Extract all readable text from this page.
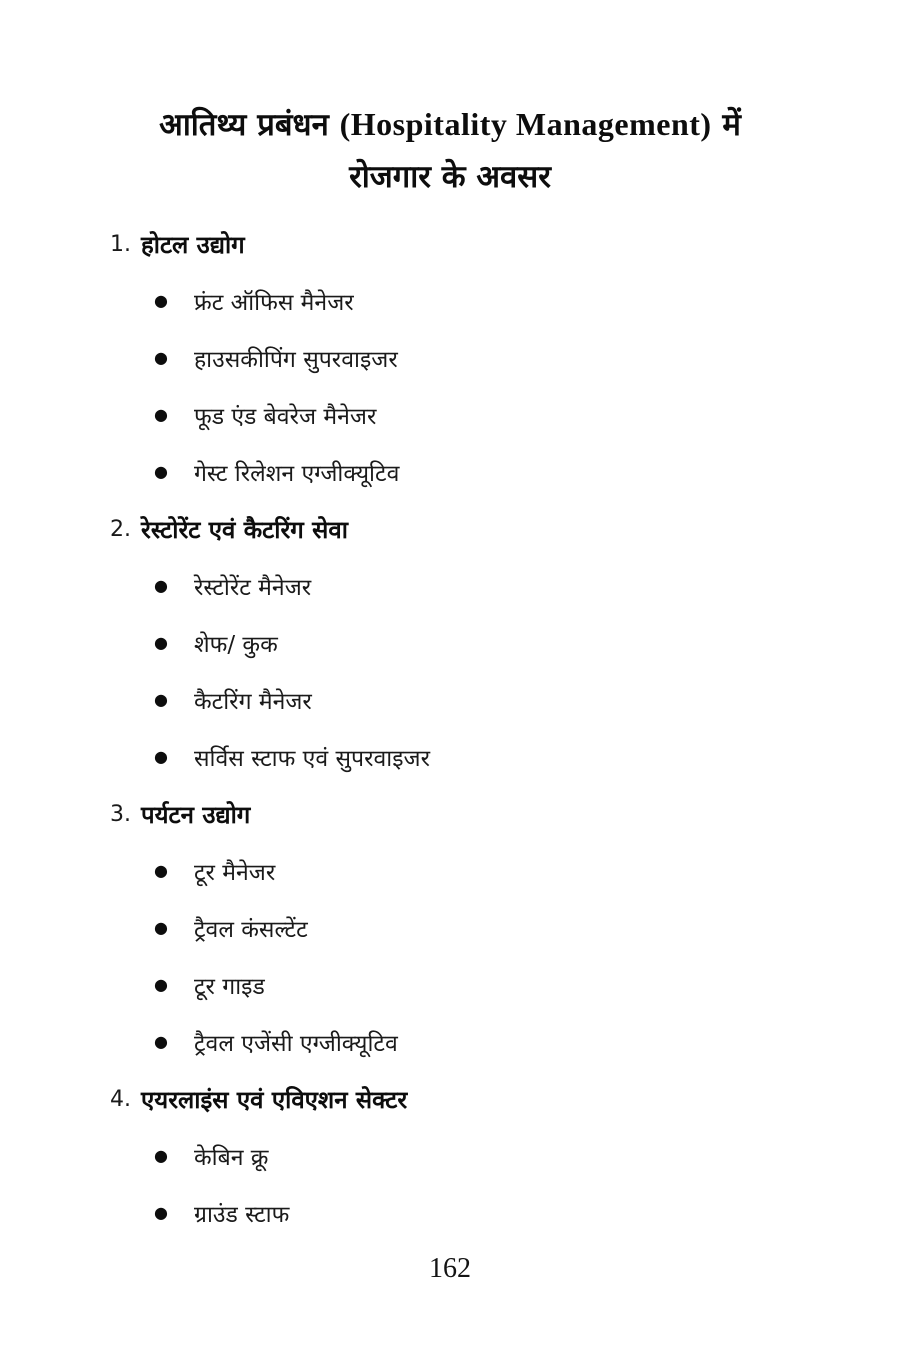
आतिथ्य प्रबंधन (Hospitality Management) में
रोजगार के अवसर
1. होटल उद्योग
● फ्रंट ऑफिस मैनेजर
● हाउसकीपिंग सुपरवाइजर
● फूड एंड बेवरेज मैनेजर
● गेस्ट रिलेशन एग्जीक्यूटिव
2. रेस्टोरेंट एवं कैटरिंग सेवा
● रेस्टोरेंट मैनेजर
● शेफ/ कुक
● कैटरिंग मैनेजर
● सर्विस स्टाफ एवं सुपरवाइजर
3. पर्यटन उद्योग
● टूर मैनेजर
● ट्रैवल कंसल्टेंट
● टूर गाइड
● ट्रैवल एजेंसी एग्जीक्यूटिव
4. एयरलाइंस एवं एविएशन सेक्टर
● केबिन क्रू
● ग्राउंड स्टाफ
162
